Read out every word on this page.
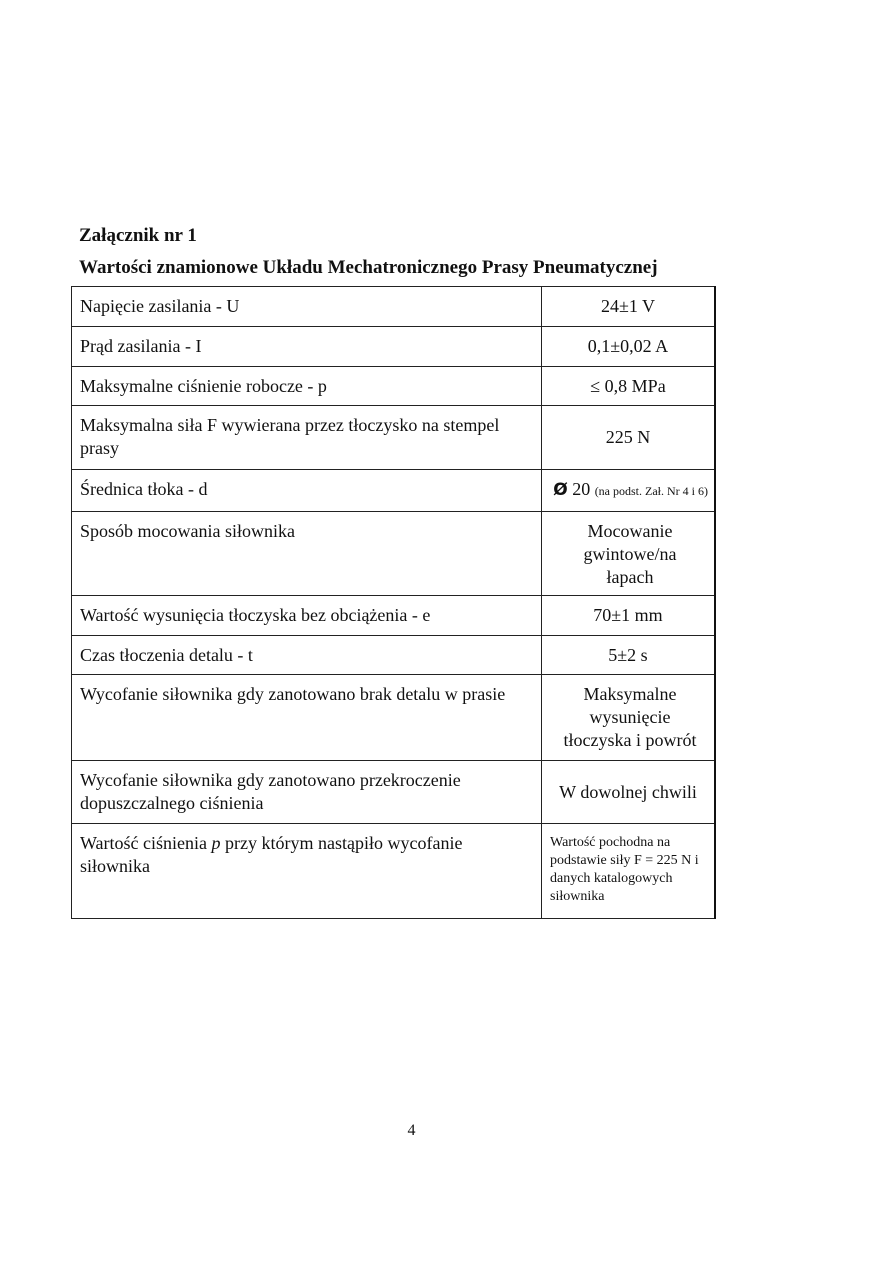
Załącznik nr 1
Wartości znamionowe Układu Mechatronicznego Prasy Pneumatycznej
Napięcie zasilania - U	24±1 V
Prąd zasilania - I	0,1±0,02 A
Maksymalne ciśnienie robocze - p	≤ 0,8 MPa
Maksymalna siła F wywierana przez tłoczysko na stempel prasy	225 N
Średnica tłoka - d	Ø 20 (na podst. Zał. Nr 4 i 6)
Sposób mocowania siłownika	Mocowanie gwintowe/na łapach
Wartość wysunięcia tłoczyska bez obciążenia - e	70±1 mm
Czas tłoczenia detalu - t	5±2 s
Wycofanie siłownika gdy zanotowano brak detalu w prasie	Maksymalne wysunięcie tłoczyska i powrót
Wycofanie siłownika gdy zanotowano przekroczenie dopuszczalnego ciśnienia	W dowolnej chwili
Wartość ciśnienia p przy którym nastąpiło wycofanie siłownika	Wartość pochodna na podstawie siły F = 225 N i danych katalogowych siłownika
4
